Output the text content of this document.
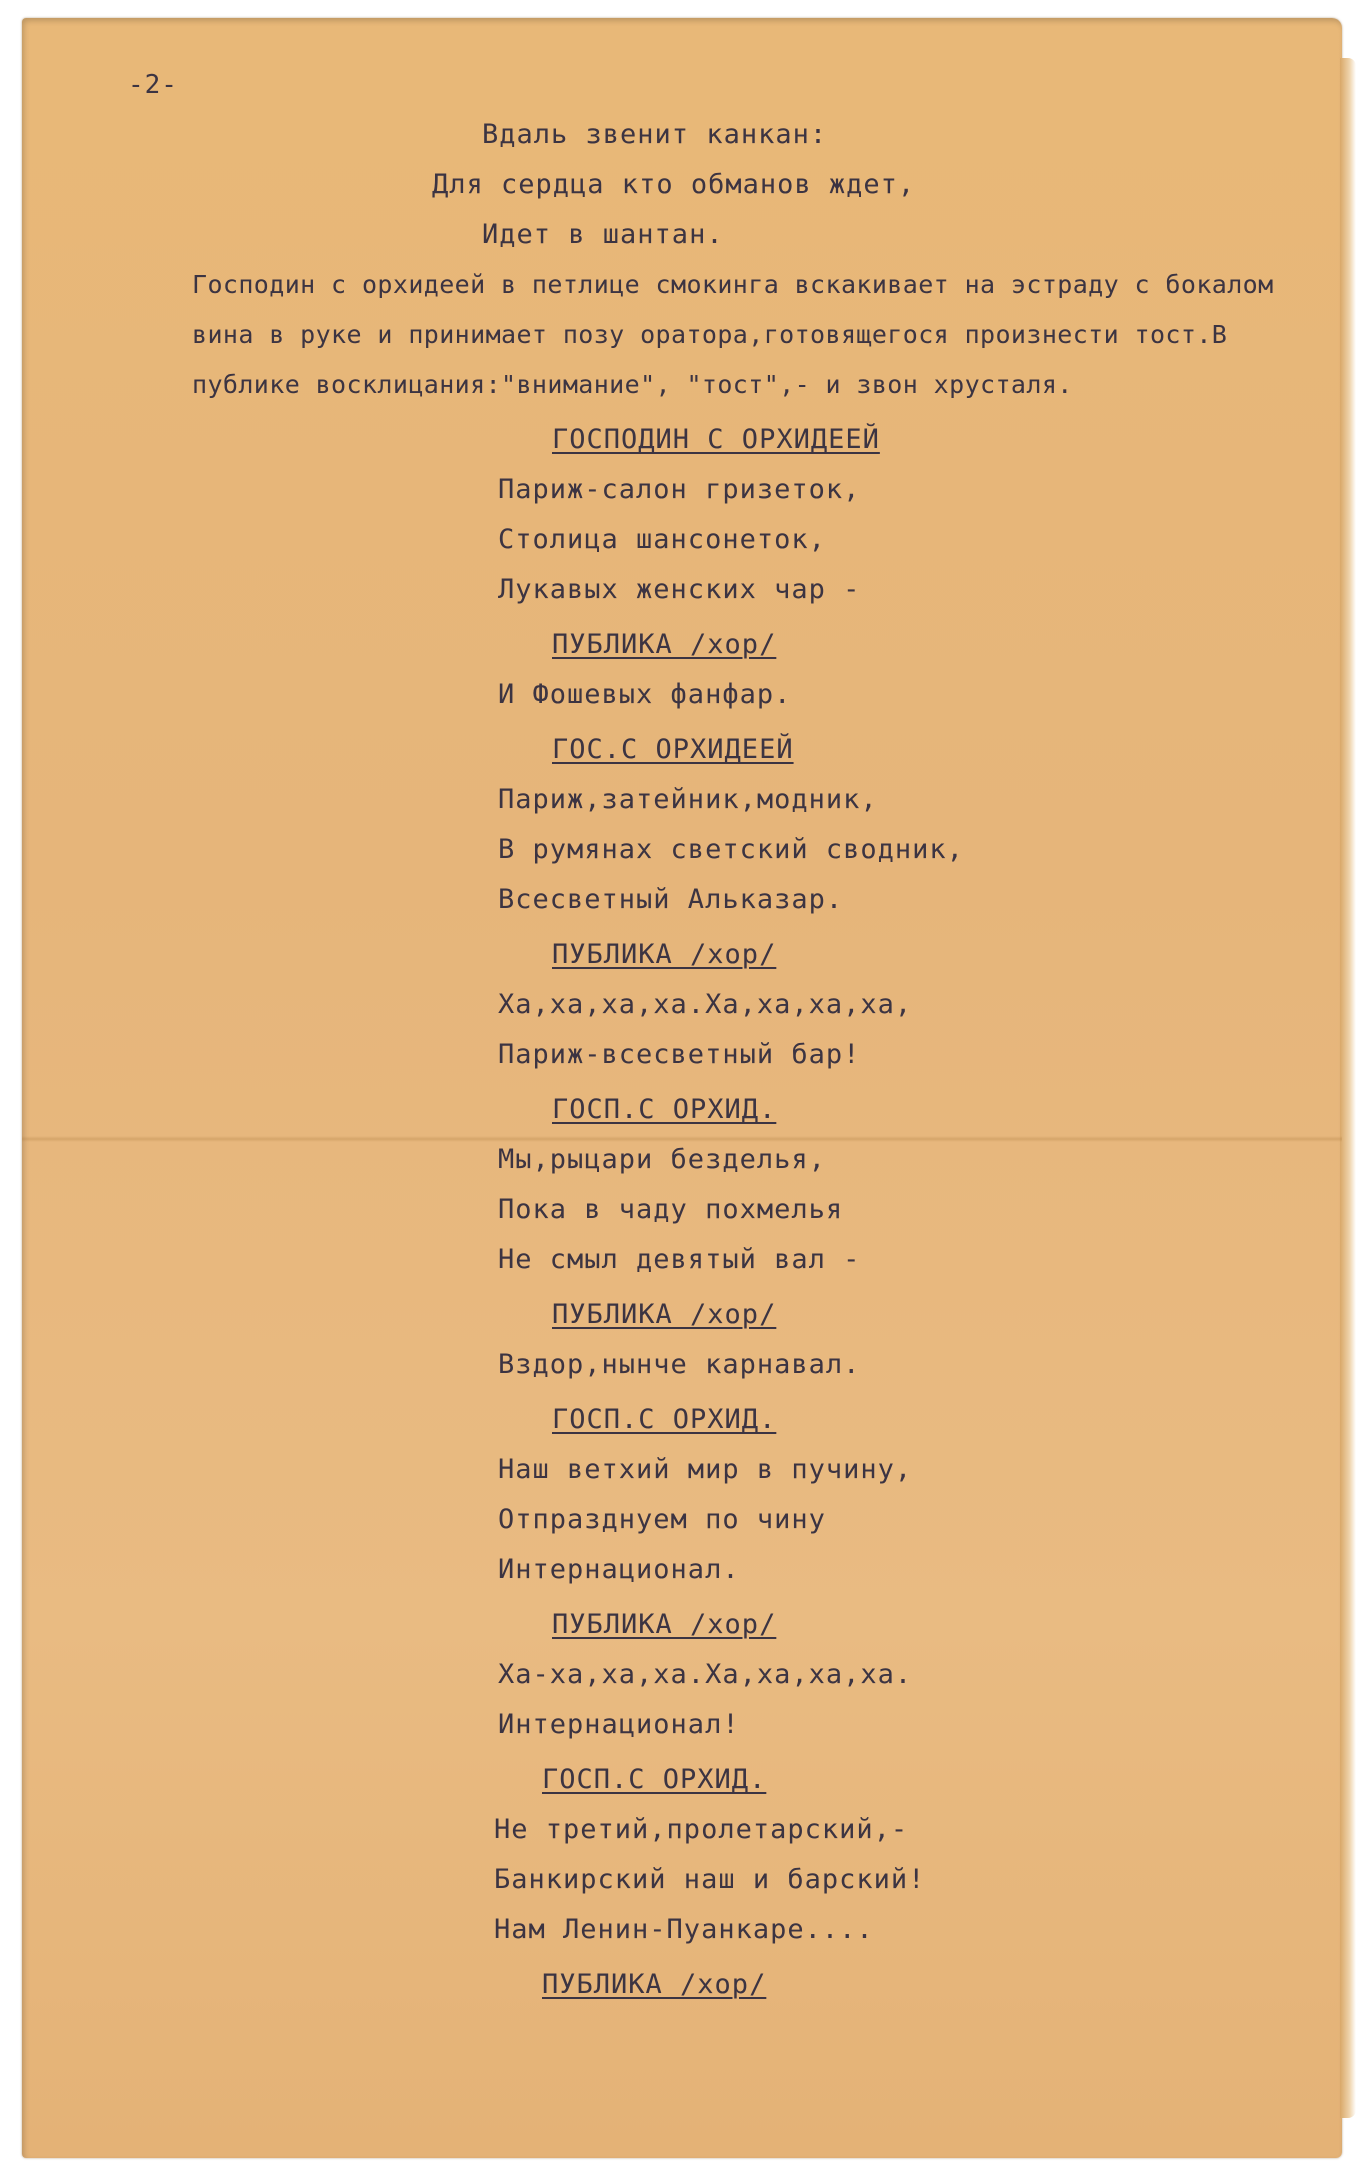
-2-
Вдаль звенит канкан:
Для сердца кто обманов ждет,
Идет в шантан.
Господин с орхидеей в петлице смокинга вскакивает на эстраду с бокалом
вина в руке и принимает позу оратора,готовящегося произнести тост.В
публике восклицания:"внимание", "тост",- и звон хрусталя.
ГОСПОДИН С ОРХИДЕЕЙ
Париж-салон гризеток,
Столица шансонеток,
Лукавых женских чар -
ПУБЛИКА /хор/
И Фошевых фанфар.
ГОС.С ОРХИДЕЕЙ
Париж,затейник,модник,
В румянах светский сводник,
Всесветный Альказар.
ПУБЛИКА /хор/
Ха,ха,ха,ха.Ха,ха,ха,ха,
Париж-всесветный бар!
ГОСП.С ОРХИД.
Мы,рыцари безделья,
Пока в чаду похмелья
Не смыл девятый вал -
ПУБЛИКА /хор/
Вздор,нынче карнавал.
ГОСП.С ОРХИД.
Наш ветхий мир в пучину,
Отпразднуем по чину
Интернационал.
ПУБЛИКА /хор/
Ха-ха,ха,ха.Ха,ха,ха,ха.
Интернационал!
ГОСП.С ОРХИД.
Не третий,пролетарский,-
Банкирский наш и барский!
Нам Ленин-Пуанкаре....
ПУБЛИКА /хор/
